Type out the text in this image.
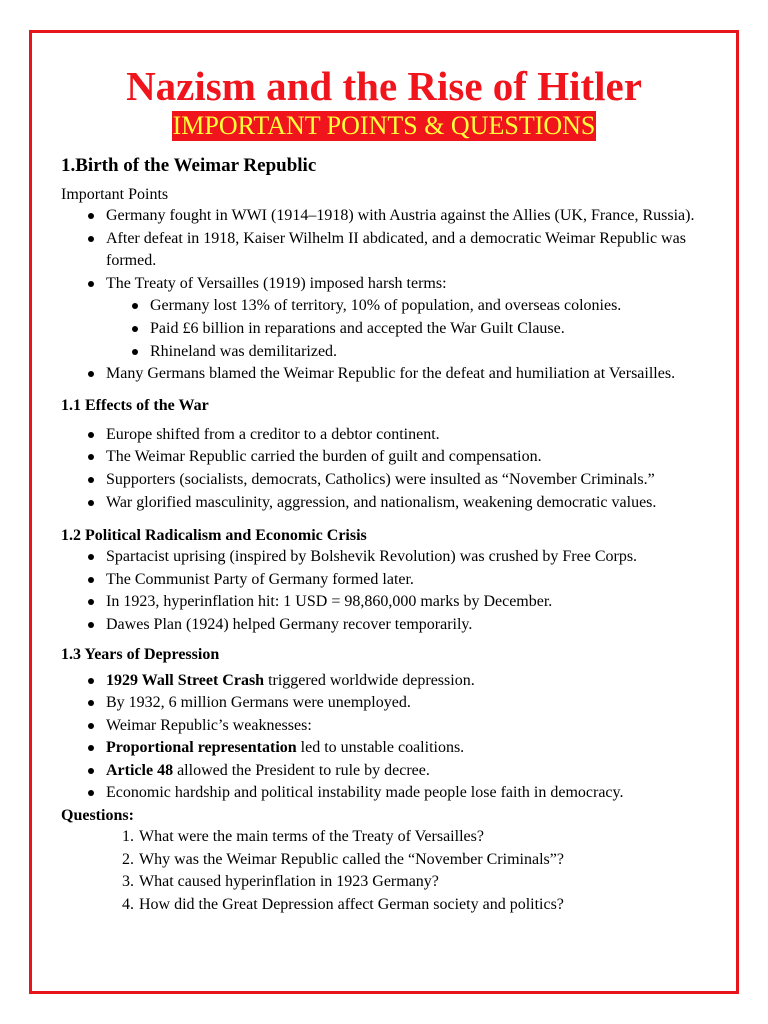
Nazism and the Rise of Hitler
IMPORTANT POINTS & QUESTIONS
1.Birth of the Weimar Republic

Important Points

Germany fought in WWI (1914–1918) with Austria against the Allies (UK, France, Russia).
After defeat in 1918, Kaiser Wilhelm II abdicated, and a democratic Weimar Republic was formed.
The Treaty of Versailles (1919) imposed harsh terms:
Germany lost 13% of territory, 10% of population, and overseas colonies.
Paid £6 billion in reparations and accepted the War Guilt Clause.
Rhineland was demilitarized.
Many Germans blamed the Weimar Republic for the defeat and humiliation at Versailles.
1.1 Effects of the War
Europe shifted from a creditor to a debtor continent.
The Weimar Republic carried the burden of guilt and compensation.
Supporters (socialists, democrats, Catholics) were insulted as “November Criminals.”
War glorified masculinity, aggression, and nationalism, weakening democratic values.
1.2 Political Radicalism and Economic Crisis
Spartacist uprising (inspired by Bolshevik Revolution) was crushed by Free Corps.
The Communist Party of Germany formed later.
In 1923, hyperinflation hit: 1 USD = 98,860,000 marks by December.
Dawes Plan (1924) helped Germany recover temporarily.
1.3 Years of Depression
1929 Wall Street Crash triggered worldwide depression.
By 1932, 6 million Germans were unemployed.
Weimar Republic’s weaknesses:
Proportional representation led to unstable coalitions.
Article 48 allowed the President to rule by decree.
Economic hardship and political instability made people lose faith in democracy.
Questions:
1. What were the main terms of the Treaty of Versailles?
2. Why was the Weimar Republic called the “November Criminals”?
3. What caused hyperinflation in 1923 Germany?
4. How did the Great Depression affect German society and politics?
